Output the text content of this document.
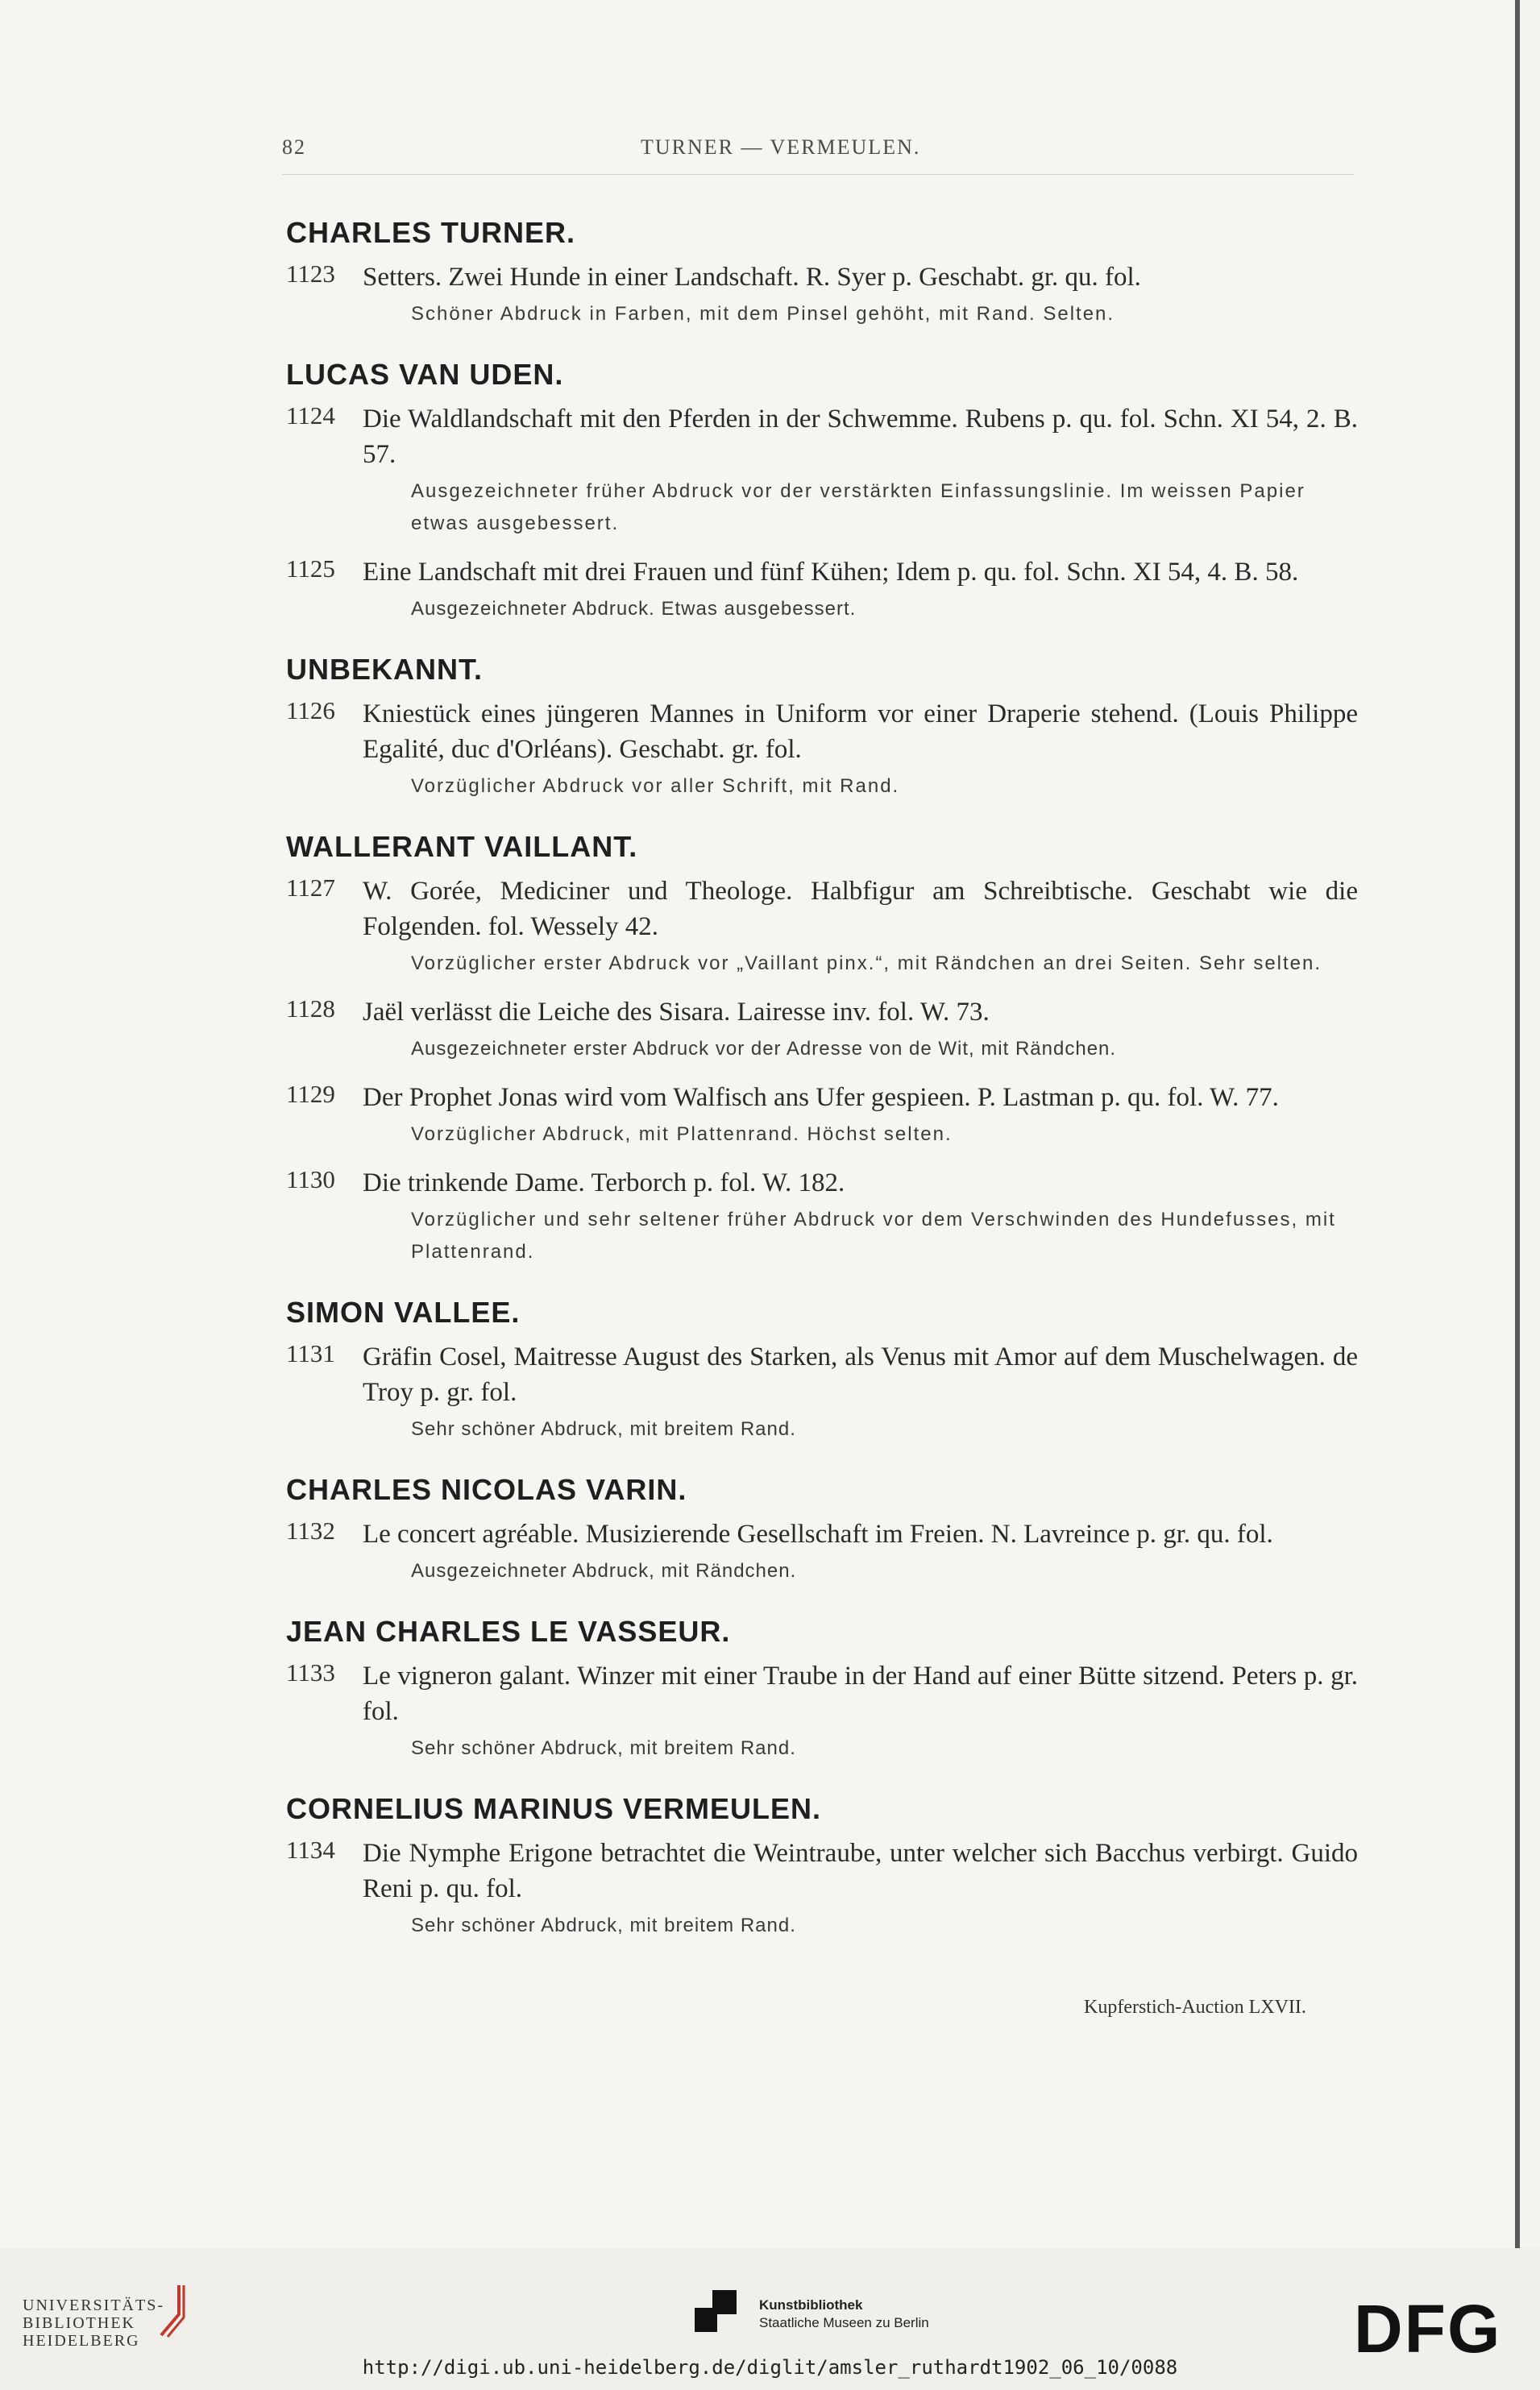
82	TURNER — VERMEULEN.
CHARLES TURNER.
1123 Setters. Zwei Hunde in einer Landschaft. R. Syer p. Geschabt. gr. qu. fol.
Schöner Abdruck in Farben, mit dem Pinsel gehöht, mit Rand. Selten.
LUCAS VAN UDEN.
1124 Die Waldlandschaft mit den Pferden in der Schwemme. Rubens p. qu. fol. Schn. XI 54, 2. B. 57.
Ausgezeichneter früher Abdruck vor der verstärkten Einfassungslinie. Im weissen Papier etwas ausgebessert.
1125 Eine Landschaft mit drei Frauen und fünf Kühen; Idem p. qu. fol. Schn. XI 54, 4. B. 58.
Ausgezeichneter Abdruck. Etwas ausgebessert.
UNBEKANNT.
1126 Kniestück eines jüngeren Mannes in Uniform vor einer Draperie stehend. (Louis Philippe Egalité, duc d'Orléans). Geschabt. gr. fol.
Vorzüglicher Abdruck vor aller Schrift, mit Rand.
WALLERANT VAILLANT.
1127 W. Gorée, Mediciner und Theologe. Halbfigur am Schreibtische. Geschabt wie die Folgenden. fol. Wessely 42.
Vorzüglicher erster Abdruck vor „Vaillant pinx.“, mit Rändchen an drei Seiten. Sehr selten.
1128 Jaël verlässt die Leiche des Sisara. Lairesse inv. fol. W. 73.
Ausgezeichneter erster Abdruck vor der Adresse von de Wit, mit Rändchen.
1129 Der Prophet Jonas wird vom Walfisch ans Ufer gespieen. P. Lastman p. qu. fol. W. 77.
Vorzüglicher Abdruck, mit Plattenrand. Höchst selten.
1130 Die trinkende Dame. Terborch p. fol. W. 182.
Vorzüglicher und sehr seltener früher Abdruck vor dem Verschwinden des Hundefusses, mit Plattenrand.
SIMON VALLEE.
1131 Gräfin Cosel, Maitresse August des Starken, als Venus mit Amor auf dem Muschelwagen. de Troy p. gr. fol.
Sehr schöner Abdruck, mit breitem Rand.
CHARLES NICOLAS VARIN.
1132 Le concert agréable. Musizierende Gesellschaft im Freien. N. Lavreince p. gr. qu. fol.
Ausgezeichneter Abdruck, mit Rändchen.
JEAN CHARLES LE VASSEUR.
1133 Le vigneron galant. Winzer mit einer Traube in der Hand auf einer Bütte sitzend. Peters p. gr. fol.
Sehr schöner Abdruck, mit breitem Rand.
CORNELIUS MARINUS VERMEULEN.
1134 Die Nymphe Erigone betrachtet die Weintraube, unter welcher sich Bacchus verbirgt. Guido Reni p. qu. fol.
Sehr schöner Abdruck, mit breitem Rand.
Kupferstich-Auction LXVII.
UNIVERSITÄTS-
BIBLIOTHEK
HEIDELBERG
Kunstbibliothek
Staatliche Museen zu Berlin	DFG
http://digi.ub.uni-heidelberg.de/diglit/amsler_ruthardt1902_06_10/0088
